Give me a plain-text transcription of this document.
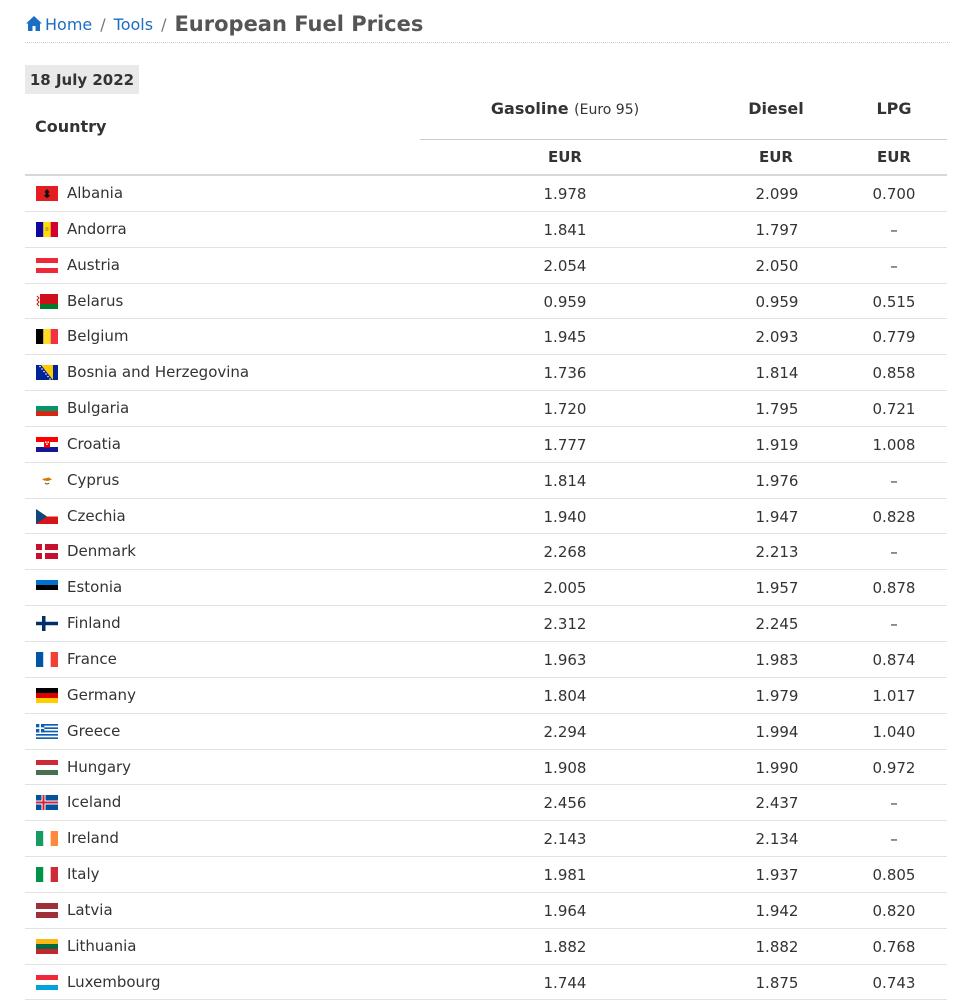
Home / Tools / European Fuel Prices
18 July 2022
Country
Gasoline (Euro 95)	Diesel	LPG
EUR	EUR	EUR
Albania	1.978	2.099	0.700
Andorra	1.841	1.797	–
Austria	2.054	2.050	–
Belarus	0.959	0.959	0.515
Belgium	1.945	2.093	0.779
Bosnia and Herzegovina	1.736	1.814	0.858
Bulgaria	1.720	1.795	0.721
Croatia	1.777	1.919	1.008
Cyprus	1.814	1.976	–
Czechia	1.940	1.947	0.828
Denmark	2.268	2.213	–
Estonia	2.005	1.957	0.878
Finland	2.312	2.245	–
France	1.963	1.983	0.874
Germany	1.804	1.979	1.017
Greece	2.294	1.994	1.040
Hungary	1.908	1.990	0.972
Iceland	2.456	2.437	–
Ireland	2.143	2.134	–
Italy	1.981	1.937	0.805
Latvia	1.964	1.942	0.820
Lithuania	1.882	1.882	0.768
Luxembourg	1.744	1.875	0.743
